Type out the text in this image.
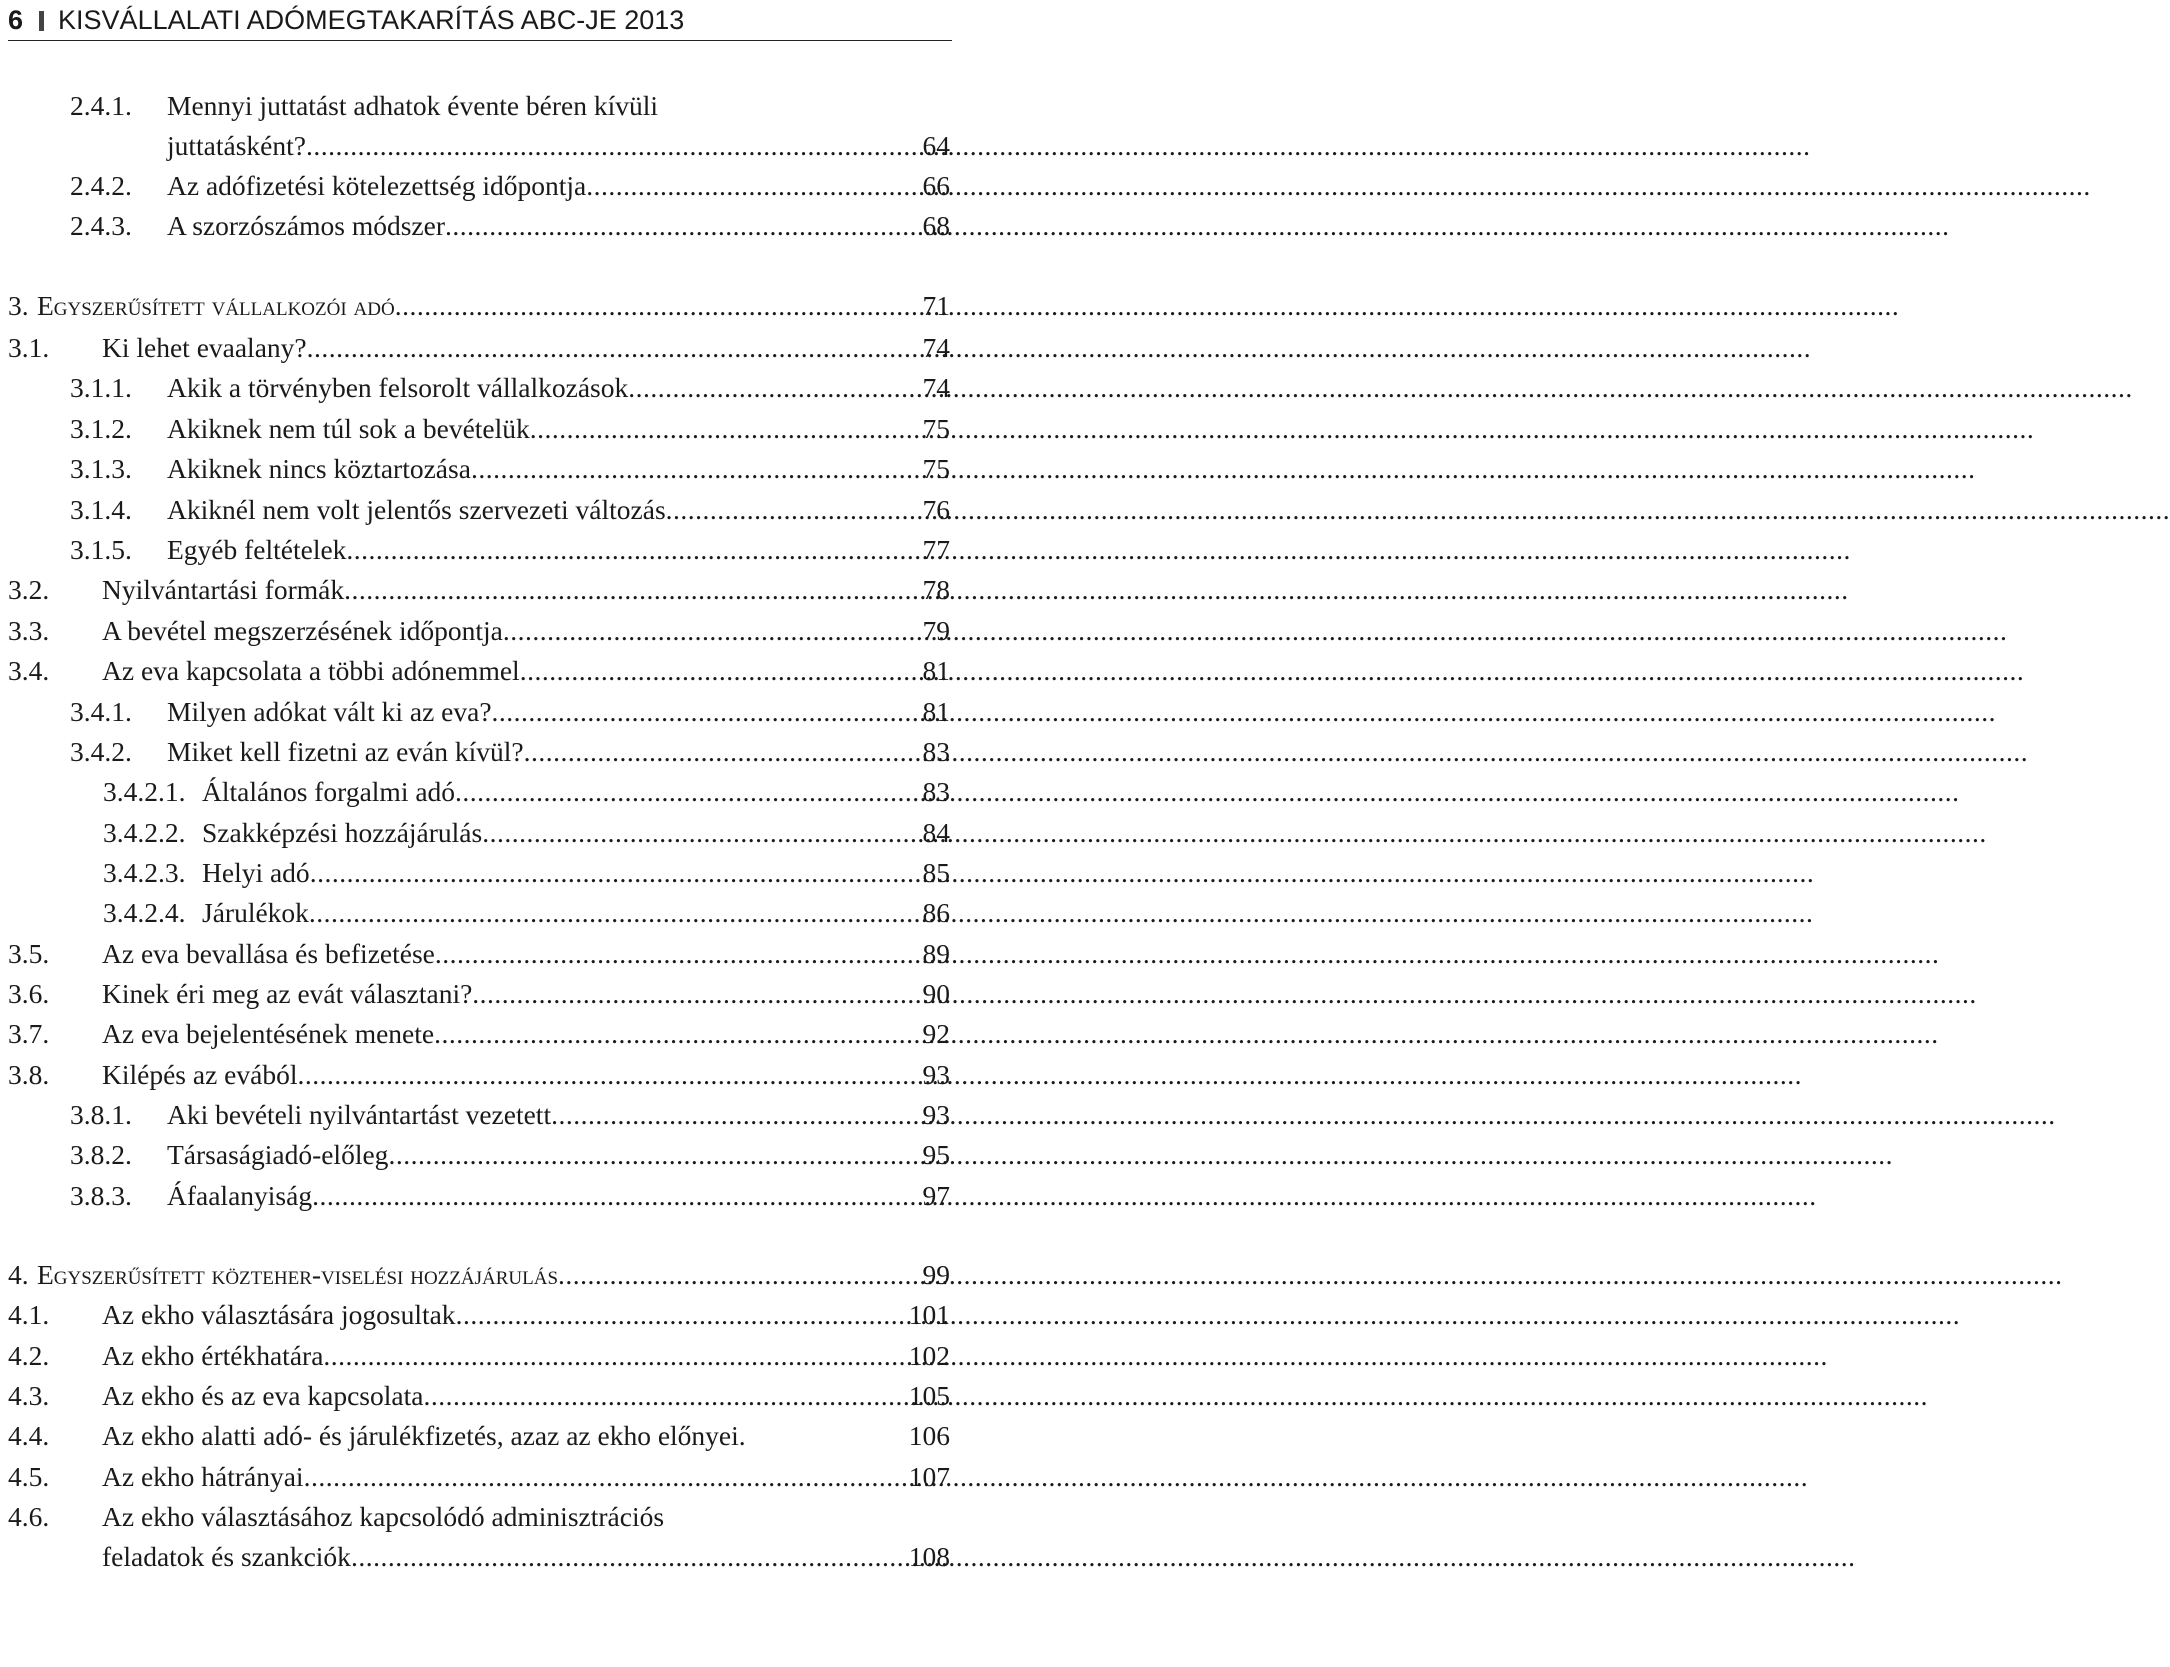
6 KISVÁLLALATI ADÓMEGTAKARÍTÁS ABC-JE 2013
2.4.1.	Mennyi juttatást adhatok évente béren kívüli
juttatásként? .....	64
2.4.2.	Az adófizetési kötelezettség időpontja .....	66
2.4.3.	A szorzószámos módszer .....	68
3. Egyszerűsített vállalkozói adó .....	71
3.1.	Ki lehet evaalany? .....	74
3.1.1.	Akik a törvényben felsorolt vállalkozások .....	74
3.1.2.	Akiknek nem túl sok a bevételük .....	75
3.1.3.	Akiknek nincs köztartozása .....	75
3.1.4.	Akiknél nem volt jelentős szervezeti változás .....	76
3.1.5.	Egyéb feltételek .....	77
3.2.	Nyilvántartási formák .....	78
3.3.	A bevétel megszerzésének időpontja .....	79
3.4.	Az eva kapcsolata a többi adónemmel .....	81
3.4.1.	Milyen adókat vált ki az eva? .....	81
3.4.2.	Miket kell fizetni az eván kívül? .....	83
3.4.2.1. Általános forgalmi adó .....	83
3.4.2.2. Szakképzési hozzájárulás .....	84
3.4.2.3. Helyi adó .....	85
3.4.2.4. Járulékok .....	86
3.5.	Az eva bevallása és befizetése .....	89
3.6.	Kinek éri meg az evát választani? .....	90
3.7.	Az eva bejelentésének menete .....	92
3.8.	Kilépés az evából .....	93
3.8.1.	Aki bevételi nyilvántartást vezetett .....	93
3.8.2.	Társaságiadó-előleg .....	95
3.8.3.	Áfaalanyiság .....	97
4. Egyszerűsített közteher-viselési hozzájárulás .....	99
4.1.	Az ekho választására jogosultak .....	101
4.2.	Az ekho értékhatára .....	102
4.3.	Az ekho és az eva kapcsolata .....	105
4.4.	Az ekho alatti adó- és járulékfizetés, azaz az ekho előnyei.	106
4.5.	Az ekho hátrányai .....	107
4.6.	Az ekho választásához kapcsolódó adminisztrációs
feladatok és szankciók .....	108
